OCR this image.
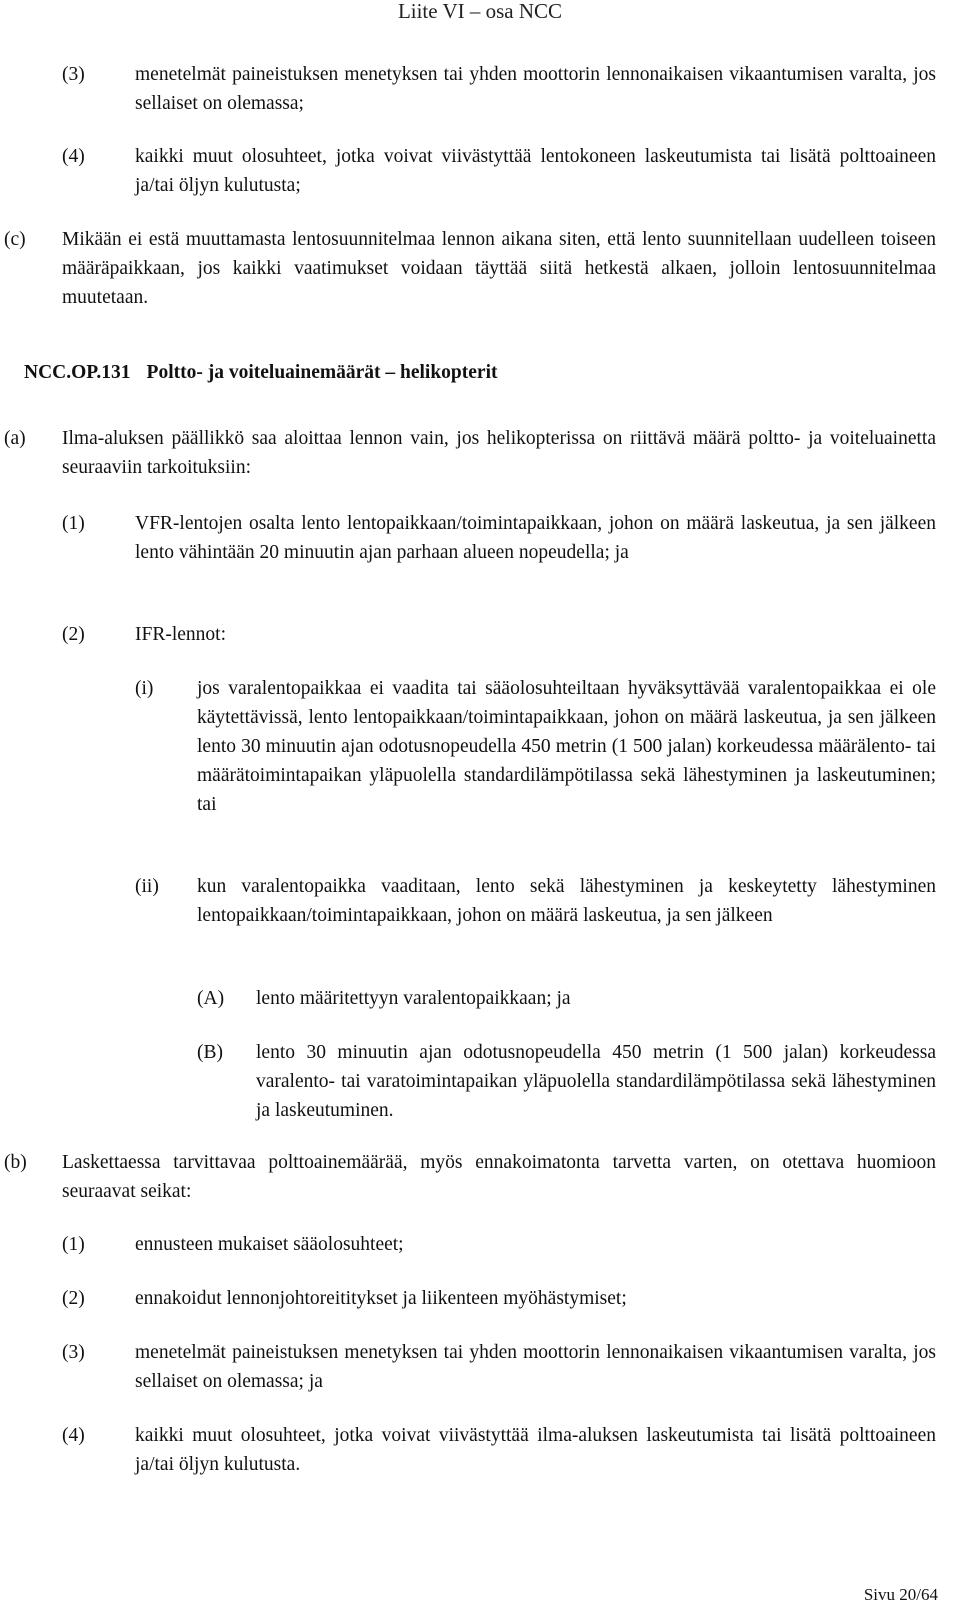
Liite VI – osa NCC
(3)	menetelmät paineistuksen menetyksen tai yhden moottorin lennonaikaisen vikaantumisen varalta, jos sellaiset on olemassa;
(4)	kaikki muut olosuhteet, jotka voivat viivästyttää lentokoneen laskeutumista tai lisätä polttoaineen ja/tai öljyn kulutusta;
(c) Mikään ei estä muuttamasta lentosuunnitelmaa lennon aikana siten, että lento suunnitellaan uudelleen toiseen määräpaikkaan, jos kaikki vaatimukset voidaan täyttää siitä hetkestä alkaen, jolloin lentosuunnitelmaa muutetaan.
NCC.OP.131 Poltto- ja voiteluainemäärät – helikopterit
(a) Ilma-aluksen päällikkö saa aloittaa lennon vain, jos helikopterissa on riittävä määrä poltto- ja voiteluainetta seuraaviin tarkoituksiin:
(1)	VFR-lentojen osalta lento lentopaikkaan/toimintapaikkaan, johon on määrä laskeutua, ja sen jälkeen lento vähintään 20 minuutin ajan parhaan alueen nopeudella; ja
(2)	IFR-lennot:
(i) jos varalentopaikkaa ei vaadita tai sääolosuhteiltaan hyväksyttävää varalentopaikkaa ei ole käytettävissä, lento lentopaikkaan/toimintapaikkaan, johon on määrä laskeutua, ja sen jälkeen lento 30 minuutin ajan odotusnopeudella 450 metrin (1 500 jalan) korkeudessa määrälento- tai määrätoimintapaikan yläpuolella standardilämpötilassa sekä lähestyminen ja laskeutuminen; tai
(ii) kun varalentopaikka vaaditaan, lento sekä lähestyminen ja keskeytetty lähestyminen lentopaikkaan/toimintapaikkaan, johon on määrä laskeutua, ja sen jälkeen
(A) lento määritettyyn varalentopaikkaan; ja
(B) lento 30 minuutin ajan odotusnopeudella 450 metrin (1 500 jalan) korkeudessa varalento- tai varatoimintapaikan yläpuolella standardilämpötilassa sekä lähestyminen ja laskeutuminen.
(b) Laskettaessa tarvittavaa polttoainemäärää, myös ennakoimatonta tarvetta varten, on otettava huomioon seuraavat seikat:
(1)	ennusteen mukaiset sääolosuhteet;
(2)	ennakoidut lennonjohtoreititykset ja liikenteen myöhästymiset;
(3)	menetelmät paineistuksen menetyksen tai yhden moottorin lennonaikaisen vikaantumisen varalta, jos sellaiset on olemassa; ja
(4)	kaikki muut olosuhteet, jotka voivat viivästyttää ilma-aluksen laskeutumista tai lisätä polttoaineen ja/tai öljyn kulutusta.
Sivu 20/64
